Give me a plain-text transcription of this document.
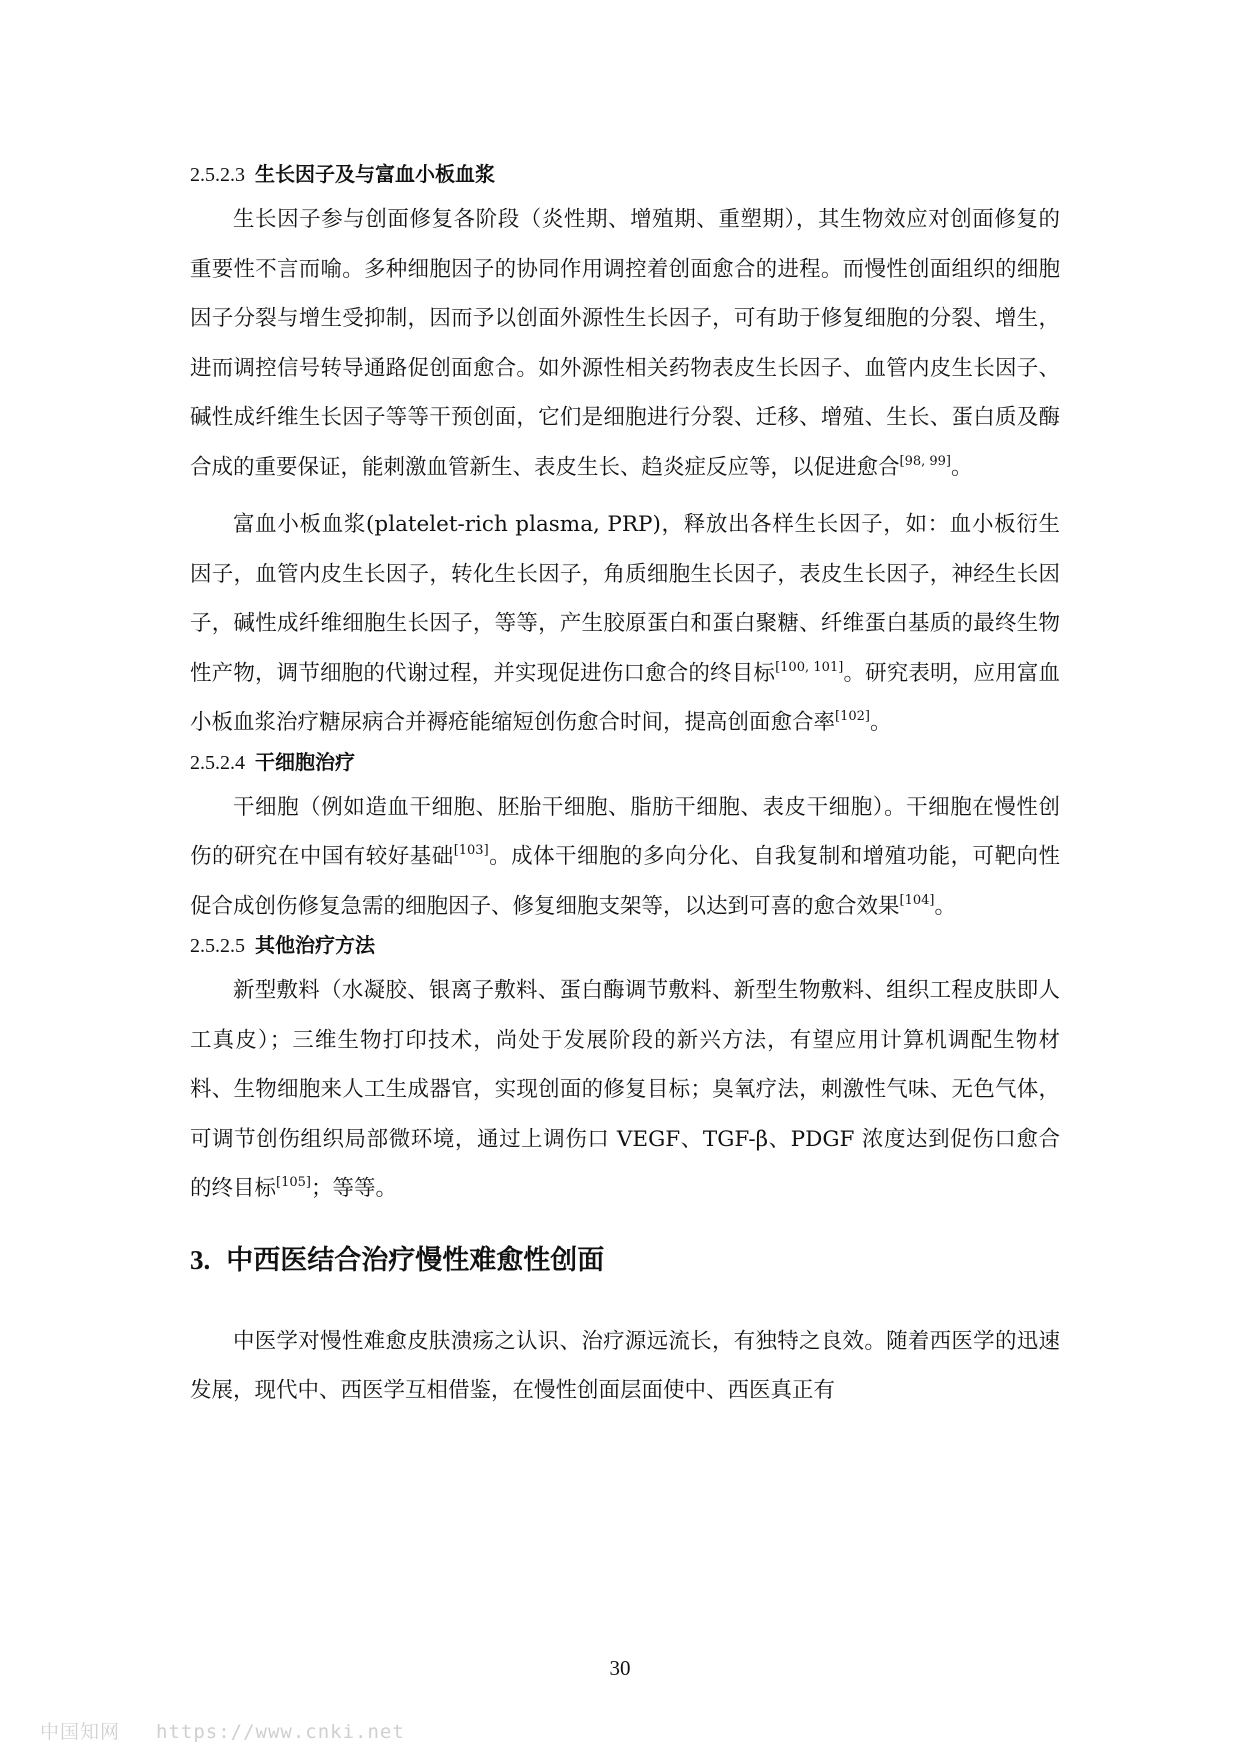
2.5.2.3 生长因子及与富血小板血浆

生长因子参与创面修复各阶段（炎性期、增殖期、重塑期），其生物效应对创面修复的重要性不言而喻。多种细胞因子的协同作用调控着创面愈合的进程。而慢性创面组织的细胞因子分裂与增生受抑制，因而予以创面外源性生长因子，可有助于修复细胞的分裂、增生，进而调控信号转导通路促创面愈合。如外源性相关药物表皮生长因子、血管内皮生长因子、碱性成纤维生长因子等等干预创面，它们是细胞进行分裂、迁移、增殖、生长、蛋白质及酶合成的重要保证，能刺激血管新生、表皮生长、趋炎症反应等，以促进愈合[98, 99]。

富血小板血浆(platelet-rich plasma, PRP)，释放出各样生长因子，如：血小板衍生因子，血管内皮生长因子，转化生长因子，角质细胞生长因子，表皮生长因子，神经生长因子，碱性成纤维细胞生长因子，等等，产生胶原蛋白和蛋白聚糖、纤维蛋白基质的最终生物性产物，调节细胞的代谢过程，并实现促进伤口愈合的终目标[100, 101]。研究表明，应用富血小板血浆治疗糖尿病合并褥疮能缩短创伤愈合时间，提高创面愈合率[102]。

2.5.2.4 干细胞治疗

干细胞（例如造血干细胞、胚胎干细胞、脂肪干细胞、表皮干细胞）。干细胞在慢性创伤的研究在中国有较好基础[103]。成体干细胞的多向分化、自我复制和增殖功能，可靶向性促合成创伤修复急需的细胞因子、修复细胞支架等，以达到可喜的愈合效果[104]。

2.5.2.5 其他治疗方法

新型敷料（水凝胶、银离子敷料、蛋白酶调节敷料、新型生物敷料、组织工程皮肤即人工真皮）；三维生物打印技术，尚处于发展阶段的新兴方法，有望应用计算机调配生物材料、生物细胞来人工生成器官，实现创面的修复目标；臭氧疗法，刺激性气味、无色气体，可调节创伤组织局部微环境，通过上调伤口 VEGF、TGF-β、PDGF 浓度达到促伤口愈合的终目标[105]；等等。

3. 中西医结合治疗慢性难愈性创面

中医学对慢性难愈皮肤溃疡之认识、治疗源远流长，有独特之良效。随着西医学的迅速发展，现代中、西医学互相借鉴，在慢性创面层面使中、西医真正有

30
中国知网 https://www.cnki.net
